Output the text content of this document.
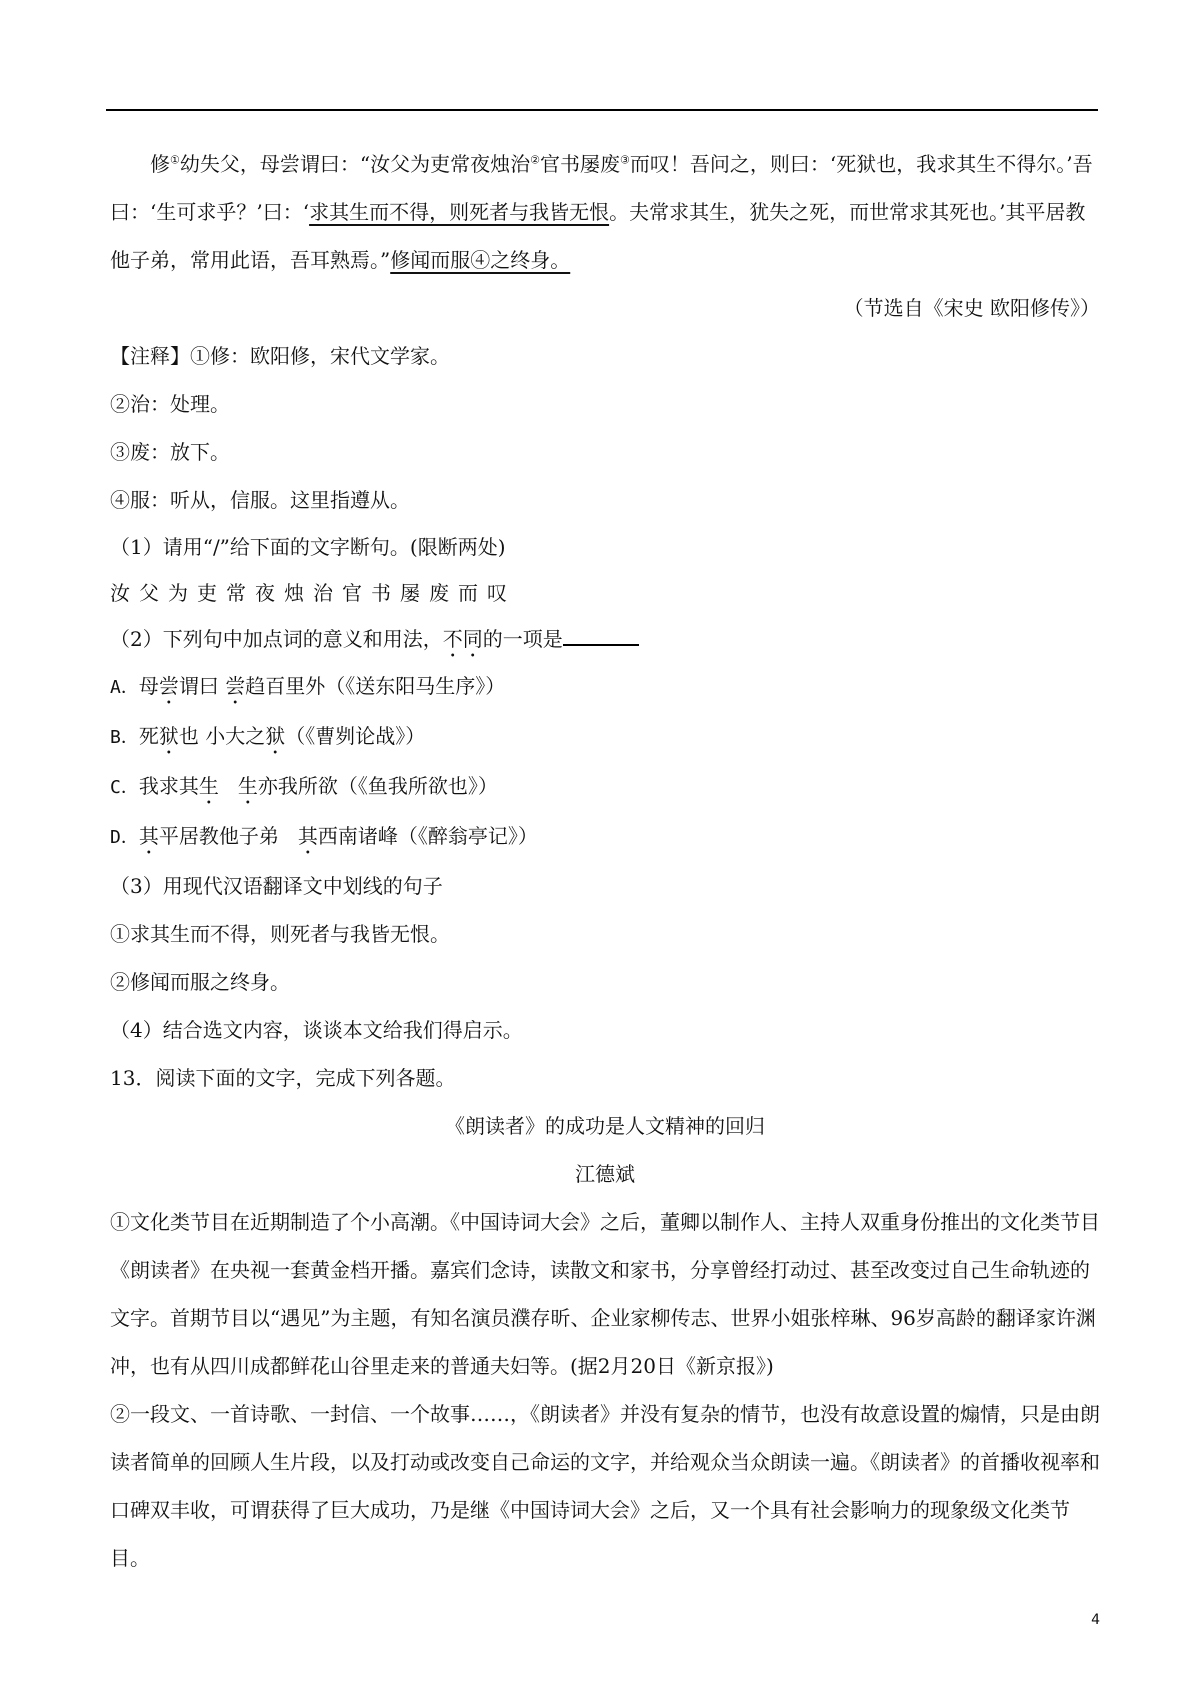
修①幼失父，母尝谓曰：“汝父为吏常夜烛治②官书屡废③而叹！吾问之，则曰：‘死狱也，我求其生不得尔。’吾曰：‘生可求乎？’曰：‘求其生而不得，则死者与我皆无恨。夫常求其生，犹失之死，而世常求其死也。’其平居教他子弟，常用此语，吾耳熟焉。”修闻而服④之终身。

（节选自《宋史 欧阳修传》）

【注释】①修：欧阳修，宋代文学家。

②治：处理。

③废：放下。

④服：听从，信服。这里指遵从。

（1）请用“/”给下面的文字断句。(限断两处)

汝父为吏常夜烛治官书屡废而叹

（2）下列句中加点词的意义和用法，不同的一项是

A．母尝谓曰 尝趋百里外（《送东阳马生序》）

B．死狱也 小大之狱（《曹刿论战》）

C．我求其生 生亦我所欲（《鱼我所欲也》）

D．其平居教他子弟   其西南诸峰（《醉翁亭记》）

（3）用现代汉语翻译文中划线的句子

①求其生而不得，则死者与我皆无恨。

②修闻而服之终身。

（4）结合选文内容，谈谈本文给我们得启示。

13．阅读下面的文字，完成下列各题。

《朗读者》的成功是人文精神的回归

江德斌

①文化类节目在近期制造了个小高潮。《中国诗词大会》之后，董卿以制作人、主持人双重身份推出的文化类节目《朗读者》在央视一套黄金档开播。嘉宾们念诗，读散文和家书，分享曾经打动过、甚至改变过自己生命轨迹的文字。首期节目以“遇见”为主题，有知名演员濮存昕、企业家柳传志、世界小姐张梓琳、96岁高龄的翻译家许渊冲，也有从四川成都鲜花山谷里走来的普通夫妇等。(据2月20日《新京报》)

②一段文、一首诗歌、一封信、一个故事……，《朗读者》并没有复杂的情节，也没有故意设置的煽情，只是由朗读者简单的回顾人生片段，以及打动或改变自己命运的文字，并给观众当众朗读一遍。《朗读者》的首播收视率和口碑双丰收，可谓获得了巨大成功，乃是继《中国诗词大会》之后，又一个具有社会影响力的现象级文化类节目。

4
